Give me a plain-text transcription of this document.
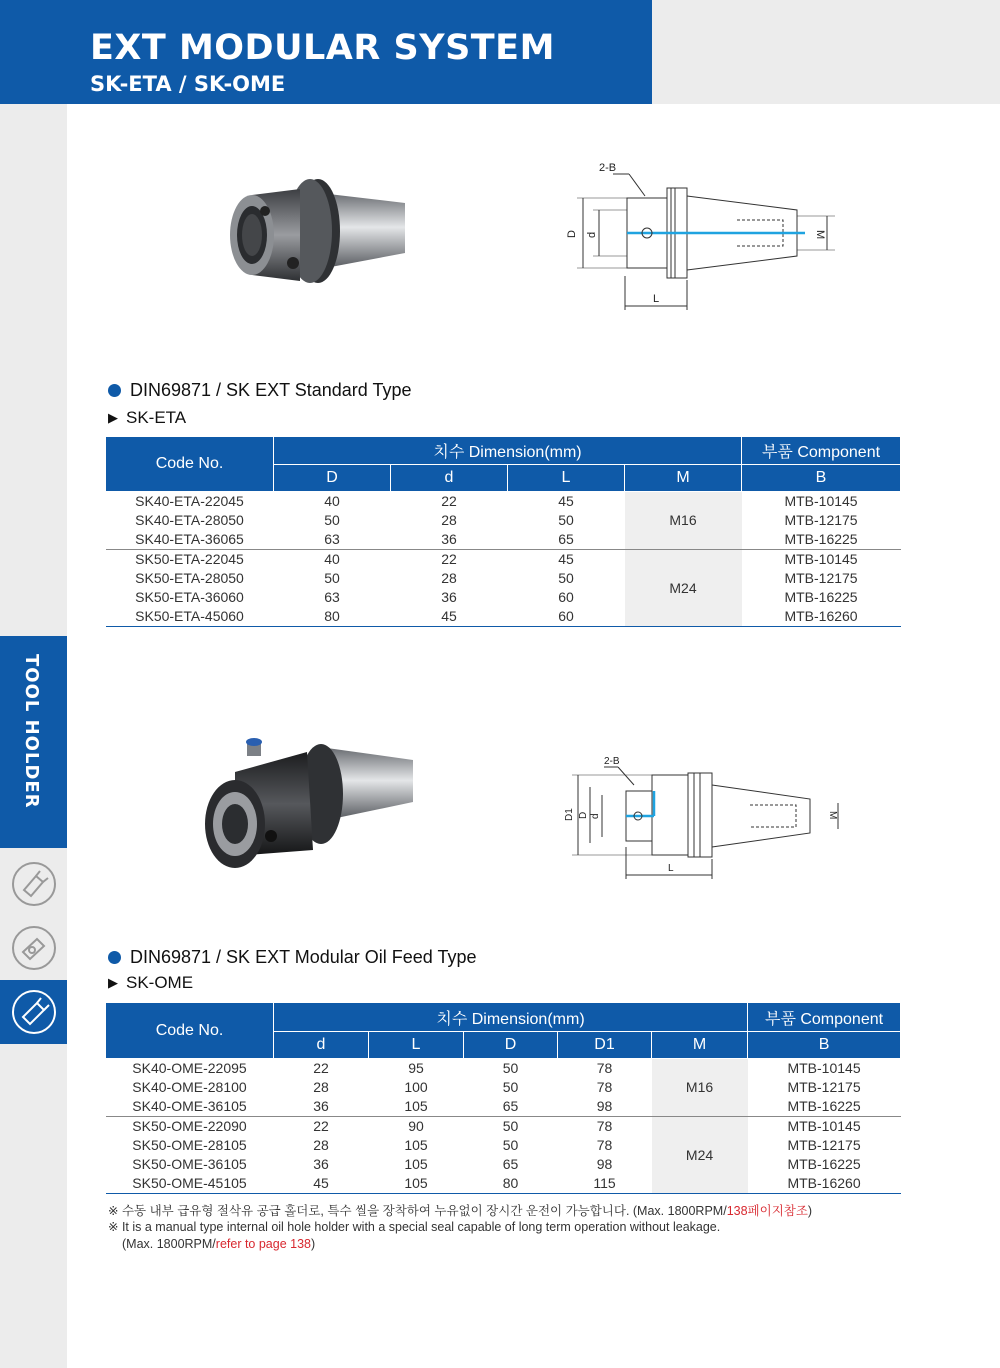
EXT MODULAR SYSTEM
SK-ETA / SK-OME
TOOL HOLDER
D d	M
L
2-B
DIN69871 / SK EXT Standard Type
▶ SK-ETA
Code No.	치수 Dimension(mm)				부품 Component
	D	d	L	M	B
SK40-ETA-22045	40	22	45	M16	MTB-10145
SK40-ETA-28050	50	28	50		MTB-12175
SK40-ETA-36065	63	36	65		MTB-16225
SK50-ETA-22045	40	22	45	M24	MTB-10145
SK50-ETA-28050	50	28	50		MTB-12175
SK50-ETA-36060	63	36	60		MTB-16225
SK50-ETA-45060	80	45	60		MTB-16260
D1 D d	M
L
2-B
DIN69871 / SK EXT Modular Oil Feed Type
▶ SK-OME
Code No.	치수 Dimension(mm)					부품 Component
	d	L	D	D1	M	B
SK40-OME-22095	22	95	50	78	M16	MTB-10145
SK40-OME-28100	28	100	50	78		MTB-12175
SK40-OME-36105	36	105	65	98		MTB-16225
SK50-OME-22090	22	90	50	78	M24	MTB-10145
SK50-OME-28105	28	105	50	78		MTB-12175
SK50-OME-36105	36	105	65	98		MTB-16225
SK50-OME-45105	45	105	80	115		MTB-16260
※ 수동 내부 급유형 절삭유 공급 홀더로, 특수 씰을 장착하여 누유없이 장시간 운전이 가능합니다. (Max. 1800RPM/138페이지참조)
※ It is a manual type internal oil hole holder with a special seal capable of long term operation without leakage.
(Max. 1800RPM/refer to page 138)
